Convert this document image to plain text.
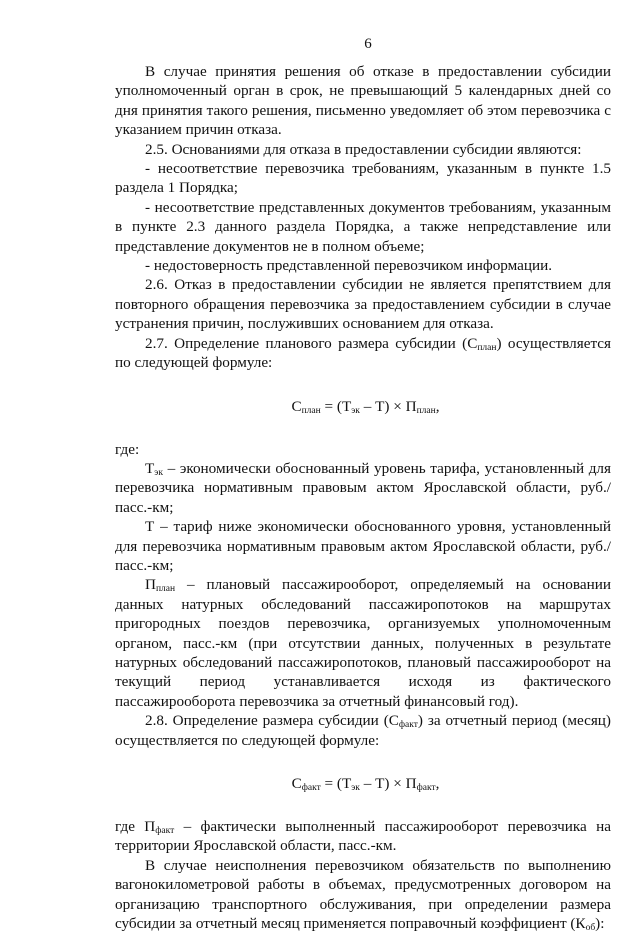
6

В случае принятия решения об отказе в предоставлении субсидии уполномоченный орган в срок, не превышающий 5 календарных дней со дня принятия такого решения, письменно уведомляет об этом перевозчика с указанием причин отказа.

2.5. Основаниями для отказа в предоставлении субсидии являются:

- несоответствие перевозчика требованиям, указанным в пункте 1.5 раздела 1 Порядка;

- несоответствие представленных документов требованиям, указанным в пункте 2.3 данного раздела Порядка, а также непредставление или представление документов не в полном объеме;

- недостоверность представленной перевозчиком информации.

2.6. Отказ в предоставлении субсидии не является препятствием для повторного обращения перевозчика за предоставлением субсидии в случае устранения причин, послуживших основанием для отказа.

2.7. Определение планового размера субсидии $(С_{план})$ осуществляется по следующей формуле:

$С_{план} = (Т_{эк} - Т) \times П_{план}$,

где:

$Т_{эк}$ – экономически обоснованный уровень тарифа, установленный для перевозчика нормативным правовым актом Ярославской области, руб./пасс.-км;

Т – тариф ниже экономически обоснованного уровня, установленный для перевозчика нормативным правовым актом Ярославской области, руб./пасс.-км;

$П_{план}$ – плановый пассажирооборот, определяемый на основании данных натурных обследований пассажиропотоков на маршрутах пригородных поездов перевозчика, организуемых уполномоченным органом, пасс.-км (при отсутствии данных, полученных в результате натурных обследований пассажиропотоков, плановый пассажирооборот на текущий период устанавливается исходя из фактического пассажирооборота перевозчика за отчетный финансовый год).

2.8. Определение размера субсидии $(С_{факт})$ за отчетный период (месяц) осуществляется по следующей формуле:

$С_{факт} = (Т_{эк} - Т) \times П_{факт}$,

где $П_{факт}$ – фактически выполненный пассажирооборот перевозчика на территории Ярославской области, пасс.-км.

В случае неисполнения перевозчиком обязательств по выполнению вагонокилометровой работы в объемах, предусмотренных договором на организацию транспортного обслуживания, при определении размера субсидии за отчетный месяц применяется поправочный коэффициент $(К_{об})$:
